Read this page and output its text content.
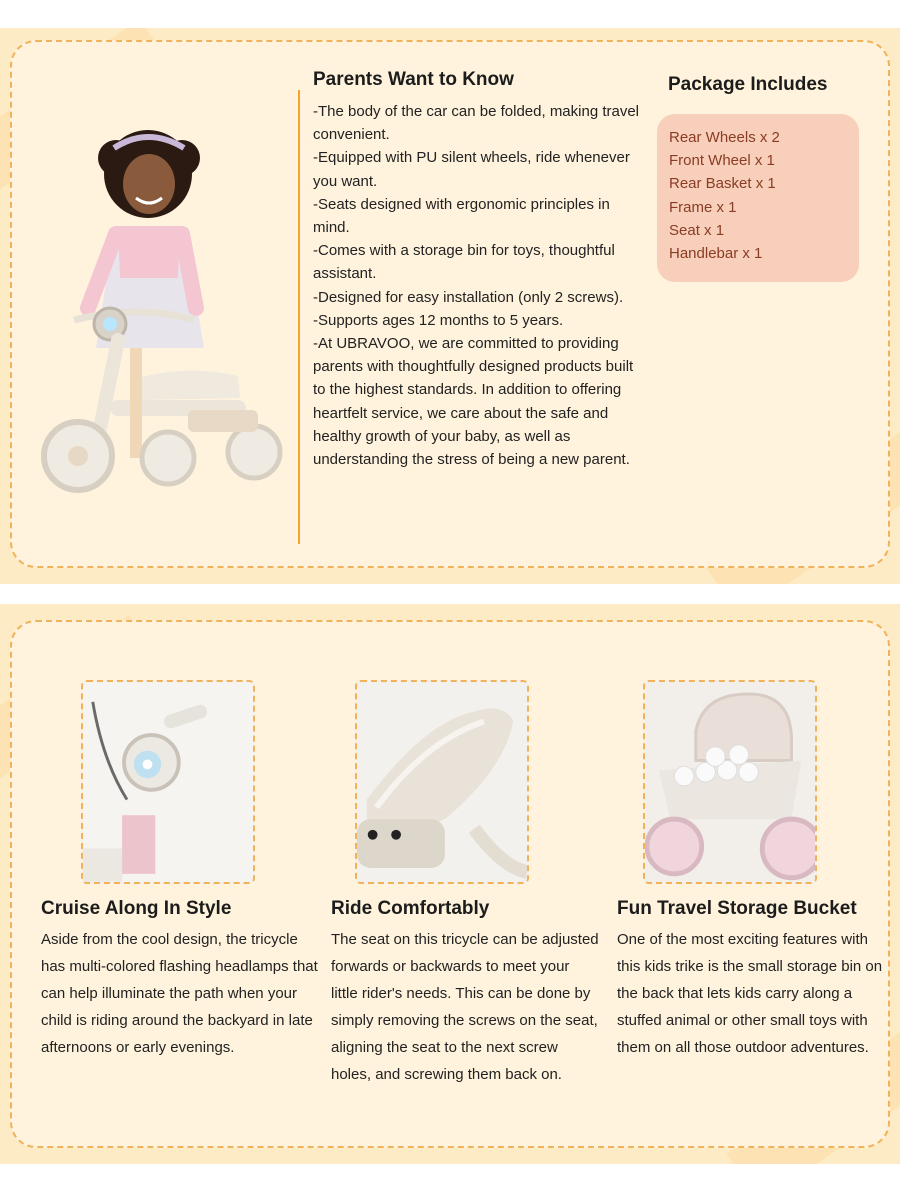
Parents Want to Know

-The body of the car can be folded, making travel convenient.

-Equipped with PU silent wheels, ride whenever you want.

-Seats designed with ergonomic principles in mind.

-Comes with a storage bin for toys, thoughtful assistant.

-Designed for easy installation (only 2 screws).

-Supports ages 12 months to 5 years.

-At UBRAVOO, we are committed to providing parents with thoughtfully designed products built to the highest standards. In addition to offering heartfelt service, we care about the safe and healthy growth of your baby, as well as understanding the stress of being a new parent.

Package Includes
Rear Wheels x 2
Front Wheel x 1
Rear Basket x 1
Frame x 1
Seat x 1
Handlebar x 1
Cruise Along In Style
Aside from the cool design, the tricycle has multi-colored flashing headlamps that can help illuminate the path when your child is riding around the backyard in late afternoons or early evenings.
Ride Comfortably
The seat on this tricycle can be adjusted forwards or backwards to meet your little rider's needs. This can be done by simply removing the screws on the seat, aligning the seat to the next screw holes, and screwing them back on.
Fun Travel Storage Bucket
One of the most exciting features with this kids trike is the small storage bin on the back that lets kids carry along a stuffed animal or other small toys with them on all those outdoor adventures.
